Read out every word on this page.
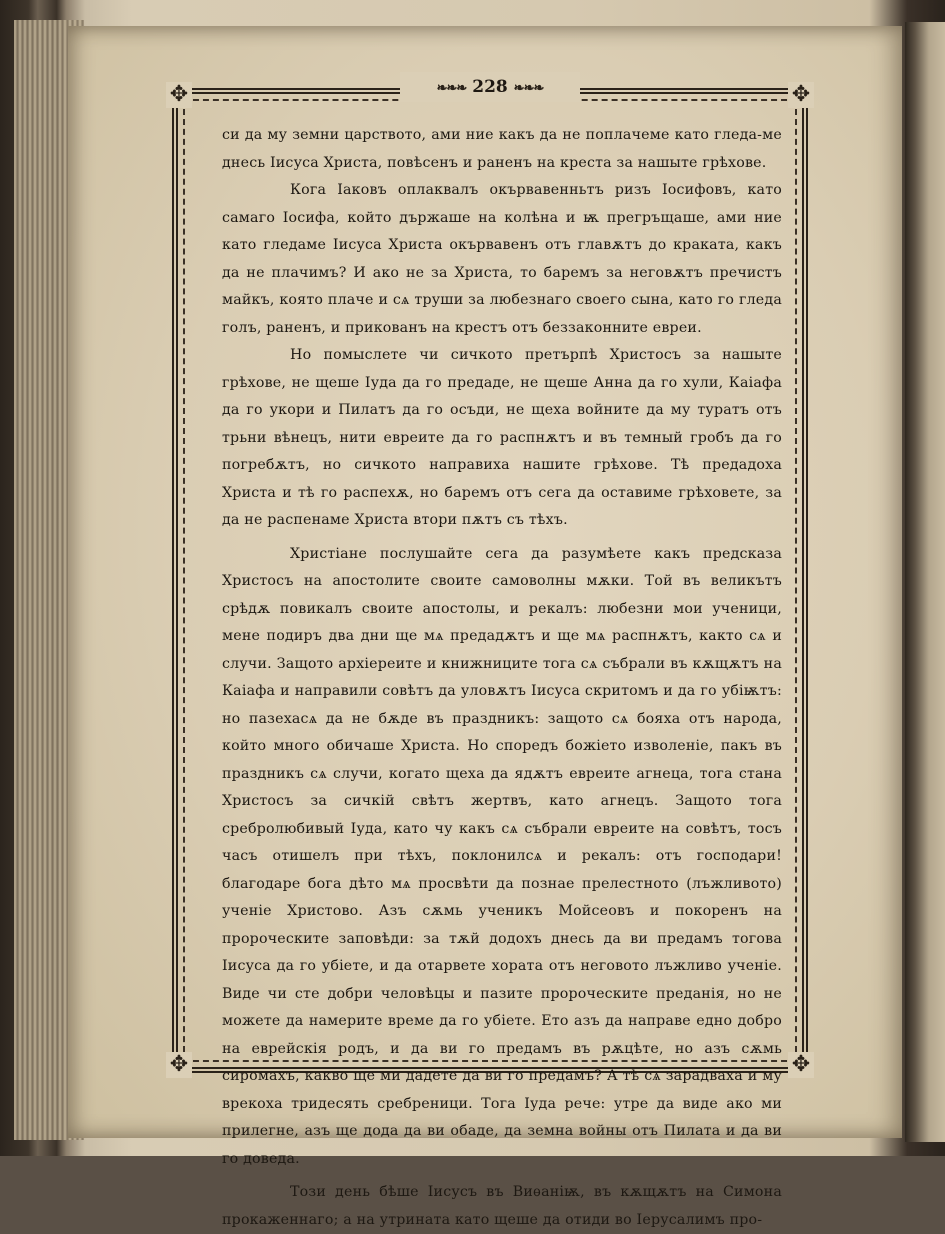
✥	✥
✥	✥
❧❧❧ 228 ❧❧❧

си да му земни царството, ами ние какъ да не поплачеме като гледа-ме днесь Іисуса Христа, повѣсенъ и раненъ на креста за нашыте грѣхове.

Кога Іаковъ оплаквалъ окървавенньтъ ризъ Іосифовъ, като самаго Іосифа, който държаше на колѣна и ѭ прегръщаше, ами ние като гледаме Іисуса Христа окървавенъ отъ главѫтъ до краката, какъ да не плачимъ? И ако не за Христа, то баремъ за неговѫтъ пречистъ майкъ, която плаче и сѧ труши за любезнаго своего сына, като го гледа голъ, раненъ, и прикованъ на крестъ отъ беззаконните евреи.

Но помыслете чи сичкото претърпѣ Христосъ за нашыте грѣхове, не щеше Іуда да го предаде, не щеше Анна да го хули, Каіафа да го укори и Пилатъ да го осъди, не щеха войните да му туратъ отъ трьни вѣнецъ, нити евреите да го распнѫтъ и въ темный гробъ да го погребѫтъ, но сичкото направиха нашите грѣхове. Тѣ предадоха Христа и тѣ го распехѫ, но баремъ отъ сега да оставиме грѣховете, за да не распенаме Христа втори пѫтъ съ тѣхъ.

Христіане послушайте сега да разумѣете какъ предсказа Христосъ на апостолите своите самоволны мѫки. Той въ великътъ срѣдѫ повикалъ своите апостолы, и рекалъ: любезни мои ученици, мене подиръ два дни ще мѧ предадѫтъ и ще мѧ распнѫтъ, както сѧ и случи. Защото архіереите и книжниците тога сѧ събрали въ кѫщѫтъ на Каіафа и направили совѣтъ да уловѫтъ Іисуса скритомъ и да го убіѭтъ: но пазехасѧ да не бѫде въ праздникъ: защото сѧ бояха отъ народа, който много обичаше Христа. Но споредъ божіето изволеніе, пакъ въ праздникъ сѧ случи, когато щеха да ядѫтъ евреите агнеца, тога стана Христосъ за сичкій свѣтъ жертвъ, като агнецъ. Защото тога сребролюбивый Іуда, като чу какъ сѧ събрали евреите на совѣтъ, тосъ часъ отишелъ при тѣхъ, поклонилсѧ и рекалъ: отъ господари! благодаре бога дѣто мѧ просвѣти да познае прелестното (лъжливото) ученіе Христово. Азъ сѫмь ученикъ Мойсеовъ и покоренъ на пророческите заповѣди: за тѫй додохъ днесь да ви предамъ тогова Іисуса да го убіете, и да отарвете хората отъ неговото лъжливо ученіе. Виде чи сте добри человѣцы и пазите пророческите преданія, но не можете да намерите време да го убіете. Ето азъ да направе едно добро на еврейскія родъ, и да ви го предамъ въ рѫцѣте, но азъ сѫмь сиромахъ, какво ще ми дадете да ви го предамъ? А тѣ сѧ зарадваха и му врекоха тридесять сребреници. Тога Іуда рече: утре да виде ако ми прилегне, азъ ще дода да ви обаде, да земна войны отъ Пилата и да ви го доведа.

Този день бѣше Іисусъ въ Виѳаніѭ, въ кѫщѫтъ на Симона прокаженнаго; а на утрината като щеше да отиди во Іерусалимъ про-
